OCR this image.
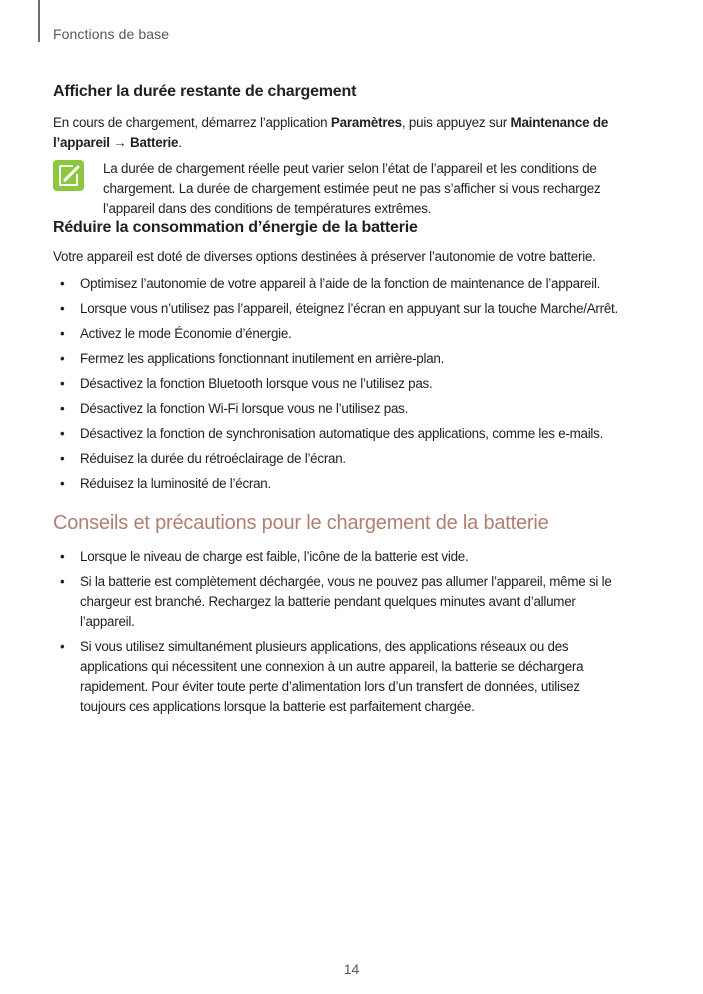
Fonctions de base
Afficher la durée restante de chargement

En cours de chargement, démarrez l’application Paramètres, puis appuyez sur Maintenance de l’appareil → Batterie.

La durée de chargement réelle peut varier selon l’état de l’appareil et les conditions de chargement. La durée de chargement estimée peut ne pas s’afficher si vous rechargez l’appareil dans des conditions de températures extrêmes.
Réduire la consommation d’énergie de la batterie

Votre appareil est doté de diverses options destinées à préserver l’autonomie de votre batterie.

• Optimisez l’autonomie de votre appareil à l’aide de la fonction de maintenance de l’appareil.
• Lorsque vous n’utilisez pas l’appareil, éteignez l’écran en appuyant sur la touche Marche/Arrêt.
• Activez le mode Économie d’énergie.
• Fermez les applications fonctionnant inutilement en arrière-plan.
• Désactivez la fonction Bluetooth lorsque vous ne l’utilisez pas.
• Désactivez la fonction Wi-Fi lorsque vous ne l’utilisez pas.
• Désactivez la fonction de synchronisation automatique des applications, comme les e-mails.
• Réduisez la durée du rétroéclairage de l’écran.
• Réduisez la luminosité de l’écran.
Conseils et précautions pour le chargement de la batterie
• Lorsque le niveau de charge est faible, l’icône de la batterie est vide.
• Si la batterie est complètement déchargée, vous ne pouvez pas allumer l’appareil, même si le chargeur est branché. Rechargez la batterie pendant quelques minutes avant d’allumer l’appareil.
• Si vous utilisez simultanément plusieurs applications, des applications réseaux ou des applications qui nécessitent une connexion à un autre appareil, la batterie se déchargera rapidement. Pour éviter toute perte d’alimentation lors d’un transfert de données, utilisez toujours ces applications lorsque la batterie est parfaitement chargée.
14
